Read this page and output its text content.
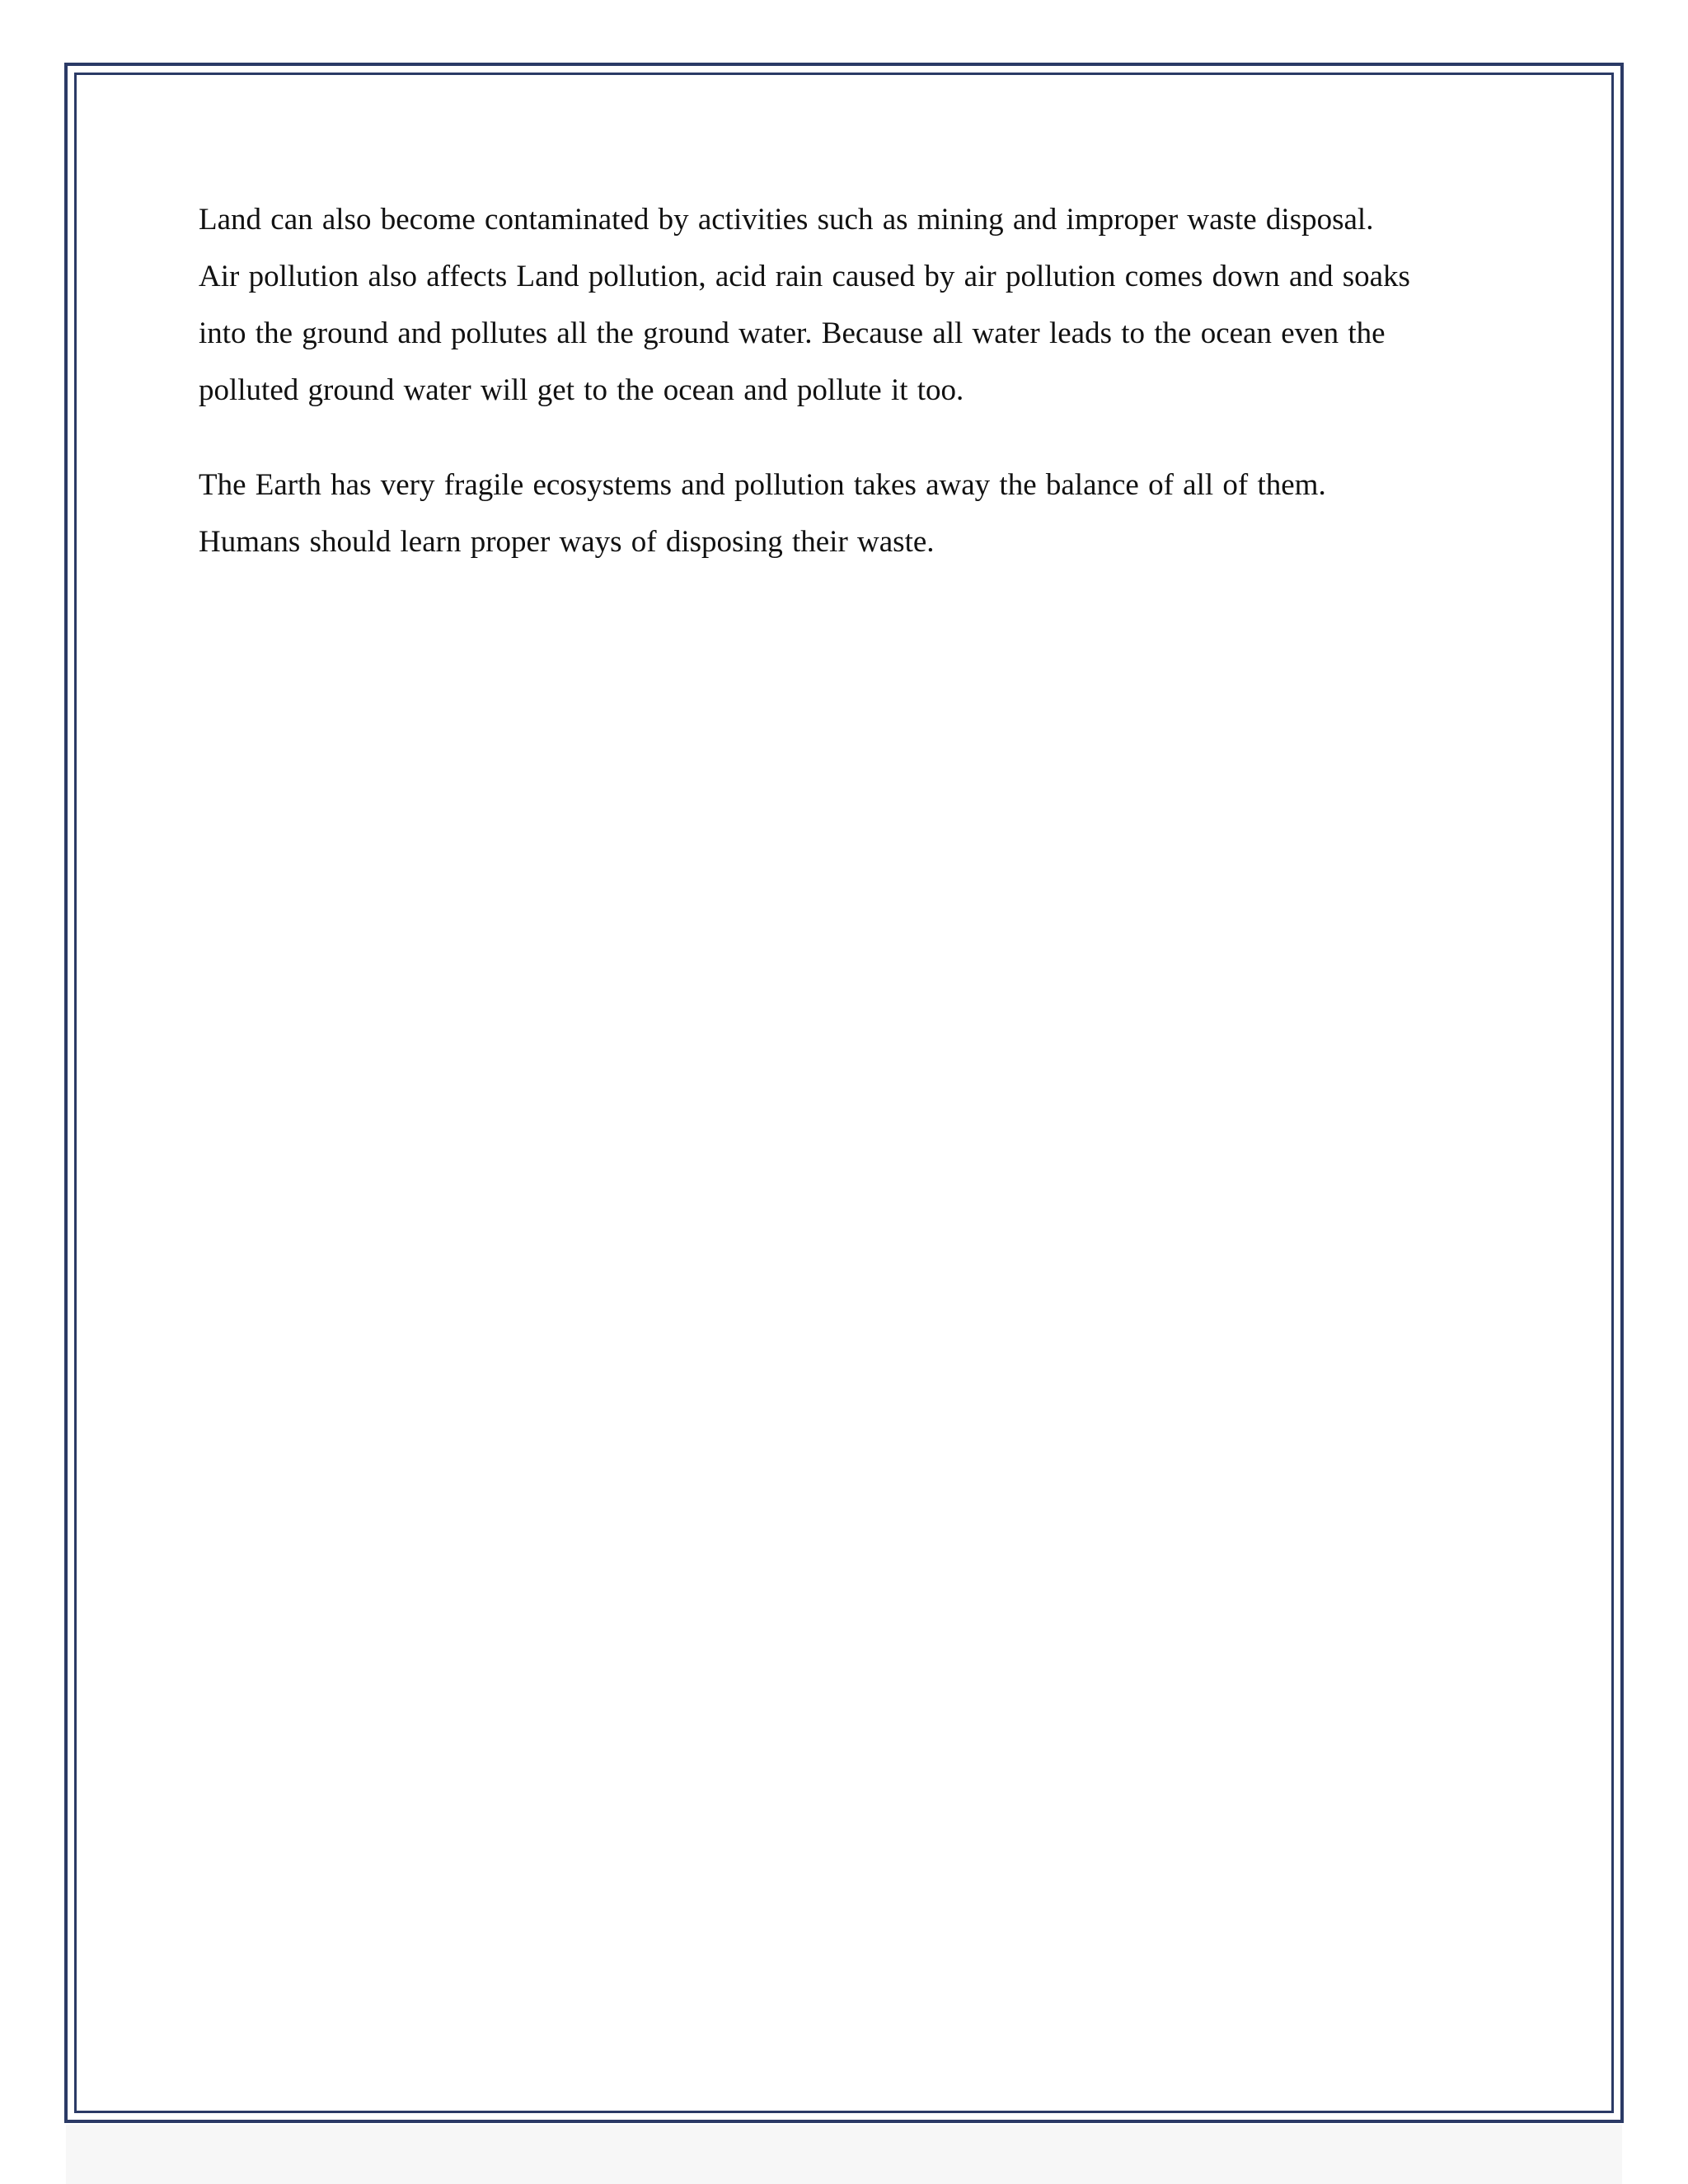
Land can also become contaminated by activities such as mining and improper waste disposal.
Air pollution also affects Land pollution, acid rain caused by air pollution comes down and soaks
into the ground and pollutes all the ground water. Because all water leads to the ocean even the
polluted ground water will get to the ocean and pollute it too.
The Earth has very fragile ecosystems and pollution takes away the balance of all of them.
Humans should learn proper ways of disposing their waste.
